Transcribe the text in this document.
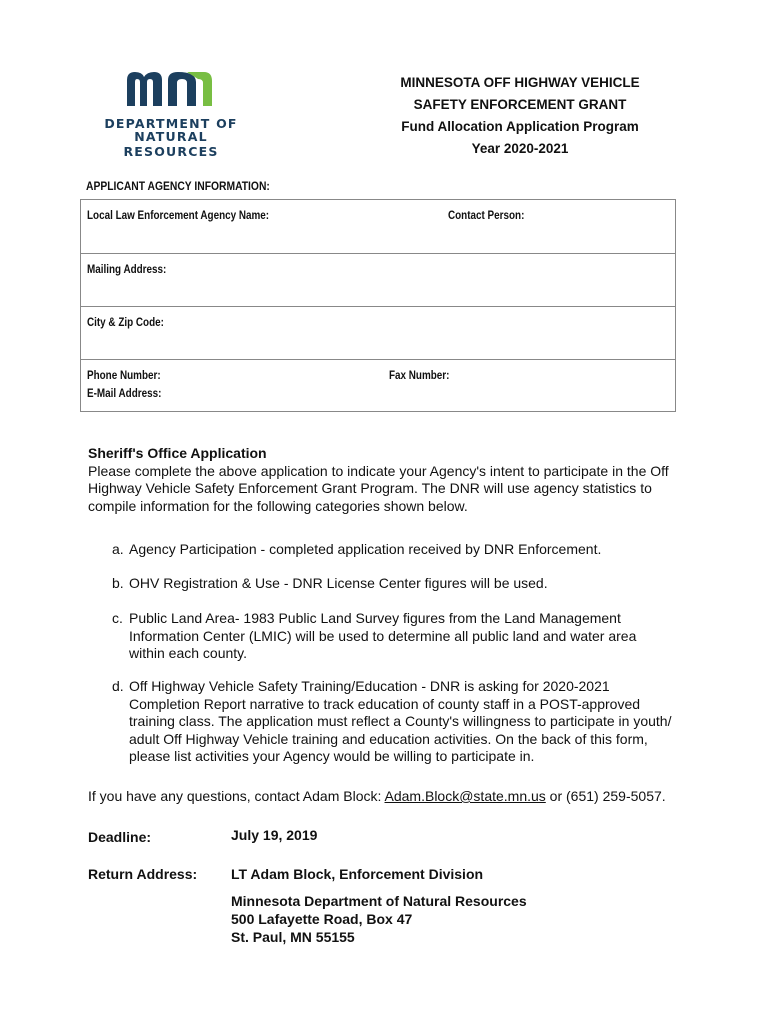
DEPARTMENT OF
NATURAL RESOURCES
MINNESOTA OFF HIGHWAY VEHICLE
SAFETY ENFORCEMENT GRANT
Fund Allocation Application Program
Year 2020-2021
APPLICANT AGENCY INFORMATION:
Local Law Enforcement Agency Name:	Contact Person:
Mailing Address:
City & Zip Code:
Phone Number:	Fax Number:
E-Mail Address:
Sheriff's Office Application
Please complete the above application to indicate your Agency's intent to participate in the Off Highway Vehicle Safety Enforcement Grant Program. The DNR will use agency statistics to compile information for the following categories shown below.
a. Agency Participation - completed application received by DNR Enforcement.
b. OHV Registration & Use - DNR License Center figures will be used.
c. Public Land Area- 1983 Public Land Survey figures from the Land Management Information Center (LMIC) will be used to determine all public land and water area within each county.
d. Off Highway Vehicle Safety Training/Education - DNR is asking for 2020-2021 Completion Report narrative to track education of county staff in a POST-approved training class. The application must reflect a County's willingness to participate in youth/ adult Off Highway Vehicle training and education activities. On the back of this form, please list activities your Agency would be willing to participate in.
If you have any questions, contact Adam Block: Adam.Block@state.mn.us or (651) 259-5057.
Deadline:	July 19, 2019
Return Address: LT Adam Block, Enforcement Division
Minnesota Department of Natural Resources
500 Lafayette Road, Box 47
St. Paul, MN 55155
